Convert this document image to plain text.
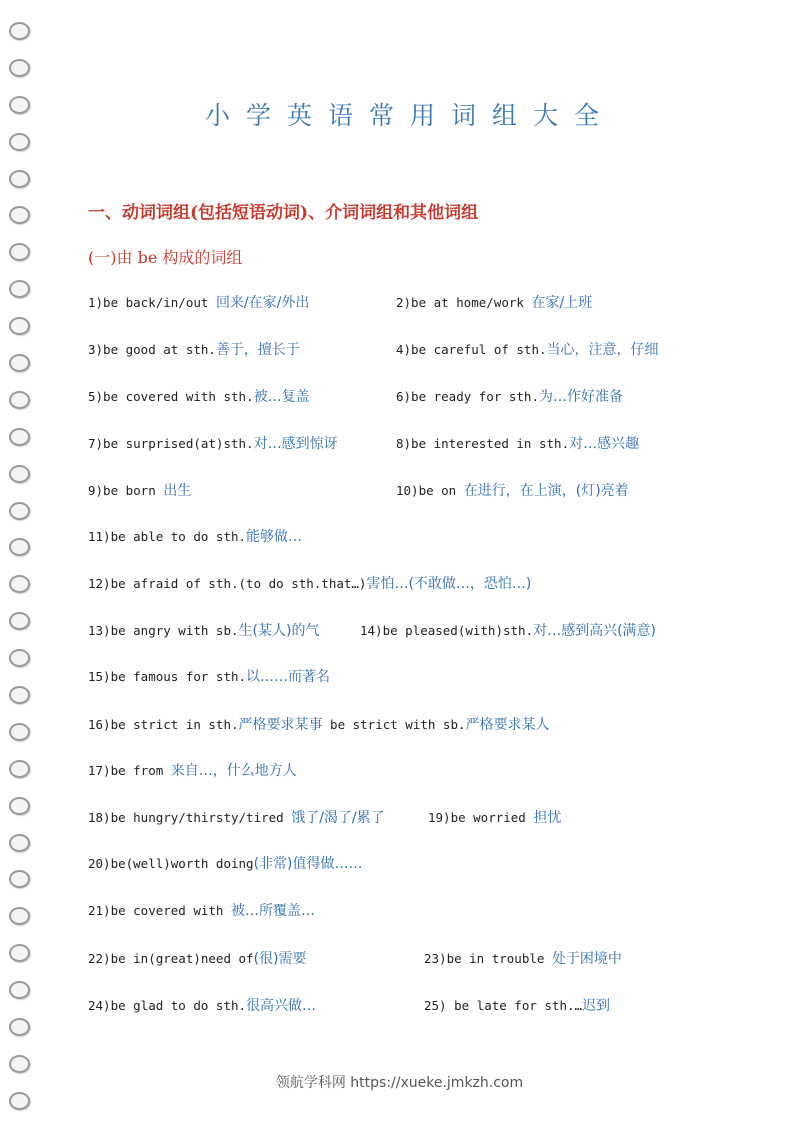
小学英语常用词组大全
一、动词词组(包括短语动词)、介词词组和其他词组
(一)由 be 构成的词组
1)be back/in/out 回来/在家/外出	2)be at home/work 在家/上班
3)be good at sth.善于，擅长于	4)be careful of sth.当心，注意，仔细
5)be covered with sth.被…复盖	6)be ready for sth.为…作好准备
7)be surprised(at)sth.对…感到惊讶	8)be interested in sth.对…感兴趣
9)be born 出生	10)be on 在进行，在上演，(灯)亮着
11)be able to do sth.能够做…
12)be afraid of sth.(to do sth.that…)害怕…(不敢做…，恐怕…)
13)be angry with sb.生(某人)的气	14)be pleased(with)sth.对…感到高兴(满意)
15)be famous for sth.以……而著名
16)be strict in sth.严格要求某事 be strict with sb.严格要求某人
17)be from 来自…，什么地方人
18)be hungry/thirsty/tired 饿了/渴了/累了	19)be worried 担忧
20)be(well)worth doing(非常)值得做……
21)be covered with 被…所覆盖…
22)be in(great)need of(很)需要	23)be in trouble 处于困境中
24)be glad to do sth.很高兴做…	25) be late for sth.…迟到
领航学科网 https://xueke.jmkzh.com
